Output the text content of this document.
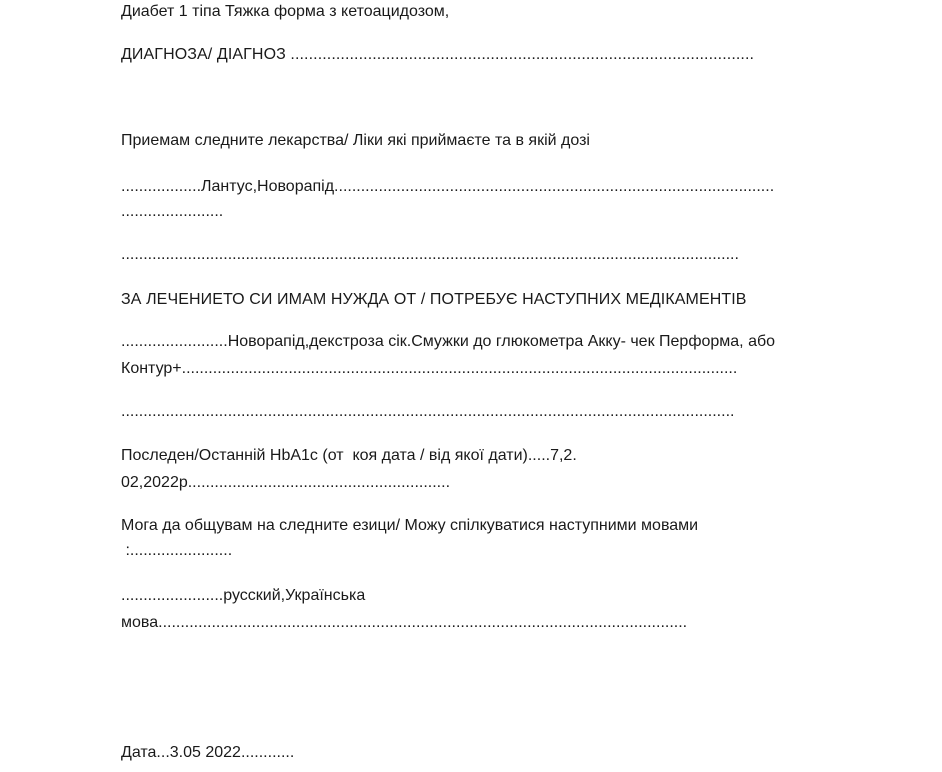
Диабет 1 тiпа Тяжка форма з кетоацидозом,
ДИАГНОЗА/ ДIАГНОЗ ......................................................................................................
Приемам следните лекарства/ Ліки які приймаєте та в якій дозі
..................Лантус,Новорапід...................................................................................................
.......................
...........................................................................................................................................
ЗА ЛЕЧЕНИЕТО СИ ИМАМ НУЖДА ОТ / ПОТРЕБУЄ НАСТУПНИХ МЕДІКАМЕНТІВ
........................Новорапід,декстроза сік.Смужки до глюкометра Акку- чек Перформа, або
Контур+.............................................................................................................................
..........................................................................................................................................
Последен/Останній HbA1c (от  коя дата / від якої дати).....7,2.
02,2022р...........................................................
Мога да общувам на следните езици/ Можу спілкуватися наступними мовами
:.......................
.......................русский,Українська
мова.......................................................................................................................
Дата...3.05 2022............
